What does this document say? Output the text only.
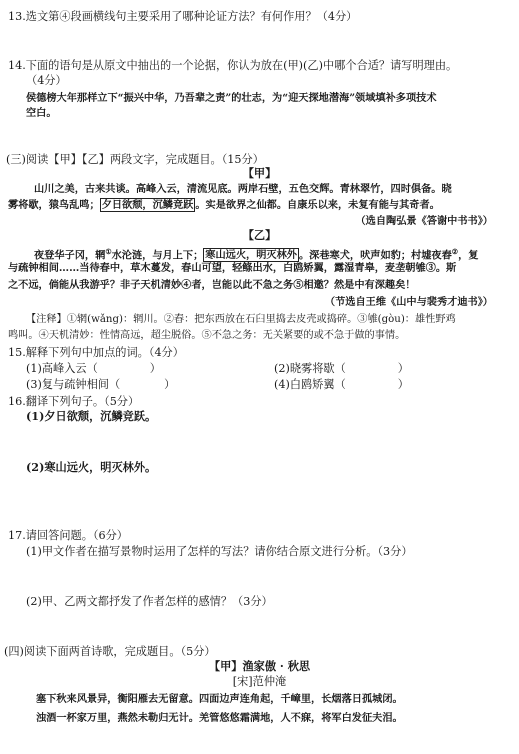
13.选文第④段画横线句主要采用了哪种论证方法？有何作用？（4分）
14.下面的语句是从原文中抽出的一个论据，你认为放在(甲)(乙)中哪个合适？请写明理由。
（4分）
侯德榜大年那样立下“振兴中华，乃吾辈之责”的壮志，为“迎天探地潜海”领域填补多项技术
空白。
(三)阅读【甲】【乙】两段文字，完成题目。（15分）
【甲】
山川之美，古来共谈。高峰入云，清流见底。两岸石壁，五色交辉。青林翠竹，四时俱备。晓
雾将歇，猿鸟乱鸣； 夕日欲颓，沉鳞竞跃 。实是欲界之仙都。自康乐以来，未复有能与其奇者。
（选自陶弘景《答谢中书书》）
【乙】
夜登华子冈，辋①水沦涟，与月上下； 寒山远火，明灭林外 。深巷寒犬，吠声如豹；村墟夜舂②，复
与疏钟相间……当待春中，草木蔓发，春山可望，轻鲦出水，白鸥矫翼，露湿青皋，麦垄朝雊③。斯
之不远，倘能从我游乎？非子天机清妙④者，岂能以此不急之务⑤相邀？然是中有深趣矣！
（节选自王维《山中与裴秀才迪书》）
【注释】①辋(wǎng)：辋川。②舂：把东西放在石臼里捣去皮壳或捣碎。③雊(gòu)：雄性野鸡
鸣叫。④天机清妙：性情高远，超尘脱俗。⑤不急之务：无关紧要的或不急于做的事情。
15.解释下列句中加点的词。（4分）
(1)高峰入云（	）	(2)晓雾将歇（	）
(3)复与疏钟相间（	）	(4)白鸥矫翼（	）
16.翻译下列句子。（5分）
(1)夕日欲颓，沉鳞竞跃。
(2)寒山远火，明灭林外。
17.请回答问题。（6分）
(1)甲文作者在描写景物时运用了怎样的写法？请你结合原文进行分析。（3分）
(2)甲、乙两文都抒发了作者怎样的感情？（3分）
(四)阅读下面两首诗歌，完成题目。（5分）
【甲】渔家傲 · 秋思
[宋]范仲淹
塞下秋来风景异，衡阳雁去无留意。四面边声连角起，千嶂里，长烟落日孤城闭。
浊酒一杯家万里，燕然未勒归无计。羌管悠悠霜满地，人不寐，将军白发征夫泪。
